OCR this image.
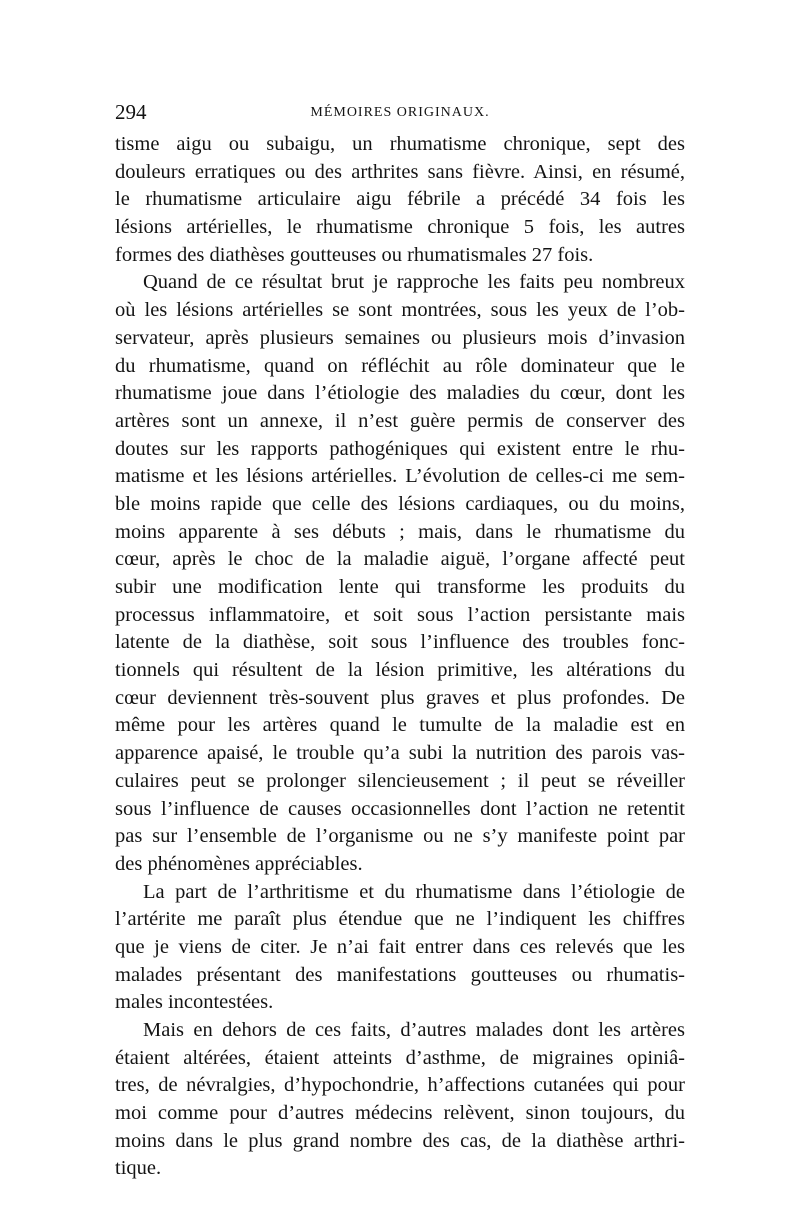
294	MÉMOIRES ORIGINAUX.
tisme aigu ou subaigu, un rhumatisme chronique, sept des
douleurs erratiques ou des arthrites sans fièvre. Ainsi, en résumé,
le rhumatisme articulaire aigu fébrile a précédé 34 fois les
lésions artérielles, le rhumatisme chronique 5 fois, les autres
formes des diathèses goutteuses ou rhumatismales 27 fois.
Quand de ce résultat brut je rapproche les faits peu nombreux
où les lésions artérielles se sont montrées, sous les yeux de l’ob-
servateur, après plusieurs semaines ou plusieurs mois d’invasion
du rhumatisme, quand on réfléchit au rôle dominateur que le
rhumatisme joue dans l’étiologie des maladies du cœur, dont les
artères sont un annexe, il n’est guère permis de conserver des
doutes sur les rapports pathogéniques qui existent entre le rhu-
matisme et les lésions artérielles. L’évolution de celles-ci me sem-
ble moins rapide que celle des lésions cardiaques, ou du moins,
moins apparente à ses débuts ; mais, dans le rhumatisme du
cœur, après le choc de la maladie aiguë, l’organe affecté peut
subir une modification lente qui transforme les produits du
processus inflammatoire, et soit sous l’action persistante mais
latente de la diathèse, soit sous l’influence des troubles fonc-
tionnels qui résultent de la lésion primitive, les altérations du
cœur deviennent très-souvent plus graves et plus profondes. De
même pour les artères quand le tumulte de la maladie est en
apparence apaisé, le trouble qu’a subi la nutrition des parois vas-
culaires peut se prolonger silencieusement ; il peut se réveiller
sous l’influence de causes occasionnelles dont l’action ne retentit
pas sur l’ensemble de l’organisme ou ne s’y manifeste point par
des phénomènes appréciables.
La part de l’arthritisme et du rhumatisme dans l’étiologie de
l’artérite me paraît plus étendue que ne l’indiquent les chiffres
que je viens de citer. Je n’ai fait entrer dans ces relevés que les
malades présentant des manifestations goutteuses ou rhumatis-
males incontestées.
Mais en dehors de ces faits, d’autres malades dont les artères
étaient altérées, étaient atteints d’asthme, de migraines opiniâ-
tres, de névralgies, d’hypochondrie, h’affections cutanées qui pour
moi comme pour d’autres médecins relèvent, sinon toujours, du
moins dans le plus grand nombre des cas, de la diathèse arthri-
tique.
